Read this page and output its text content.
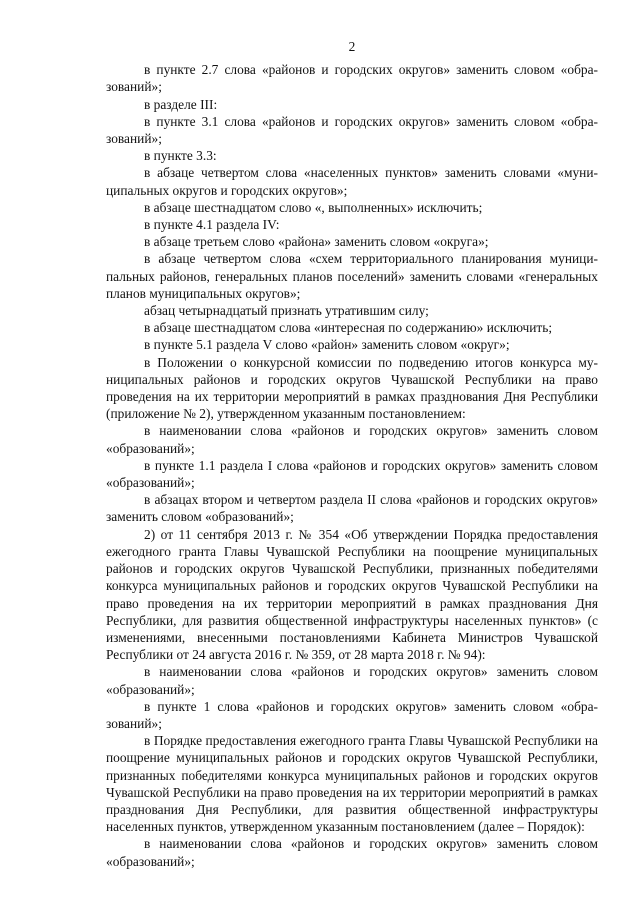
2

в пункте 2.7 слова «районов и городских округов» заменить словом «образований»;

в разделе III:

в пункте 3.1 слова «районов и городских округов» заменить словом «образований»;

в пункте 3.3:

в абзаце четвертом слова «населенных пунктов» заменить словами «муниципальных округов и городских округов»;

в абзаце шестнадцатом слово «, выполненных» исключить;

в пункте 4.1 раздела IV:

в абзаце третьем слово «района» заменить словом «округа»;

в абзаце четвертом слова «схем территориального планирования муниципальных районов, генеральных планов поселений» заменить словами «генеральных планов муниципальных округов»;

абзац четырнадцатый признать утратившим силу;

в абзаце шестнадцатом слова «интересная по содержанию» исключить;

в пункте 5.1 раздела V слово «район» заменить словом «округ»;

в Положении о конкурсной комиссии по подведению итогов конкурса муниципальных районов и городских округов Чувашской Республики на право проведения на их территории мероприятий в рамках празднования Дня Республики (приложение № 2), утвержденном указанным постановлением:

в наименовании слова «районов и городских округов» заменить словом «образований»;

в пункте 1.1 раздела I слова «районов и городских округов» заменить словом «образований»;

в абзацах втором и четвертом раздела II слова «районов и городских округов» заменить словом «образований»;

2) от 11 сентября 2013 г. № 354 «Об утверждении Порядка предоставления ежегодного гранта Главы Чувашской Республики на поощрение муниципальных районов и городских округов Чувашской Республики, признанных победителями конкурса муниципальных районов и городских округов Чувашской Республики на право проведения на их территории мероприятий в рамках празднования Дня Республики, для развития общественной инфраструктуры населенных пунктов» (с изменениями, внесенными постановлениями Кабинета Министров Чувашской Республики от 24 августа 2016 г. № 359, от 28 марта 2018 г. № 94):

в наименовании слова «районов и городских округов» заменить словом «образований»;

в пункте 1 слова «районов и городских округов» заменить словом «образований»;

в Порядке предоставления ежегодного гранта Главы Чувашской Республики на поощрение муниципальных районов и городских округов Чувашской Республики, признанных победителями конкурса муниципальных районов и городских округов Чувашской Республики на право проведения на их территории мероприятий в рамках празднования Дня Республики, для развития общественной инфраструктуры населенных пунктов, утвержденном указанным постановлением (далее – Порядок):

в наименовании слова «районов и городских округов» заменить словом «образований»;
